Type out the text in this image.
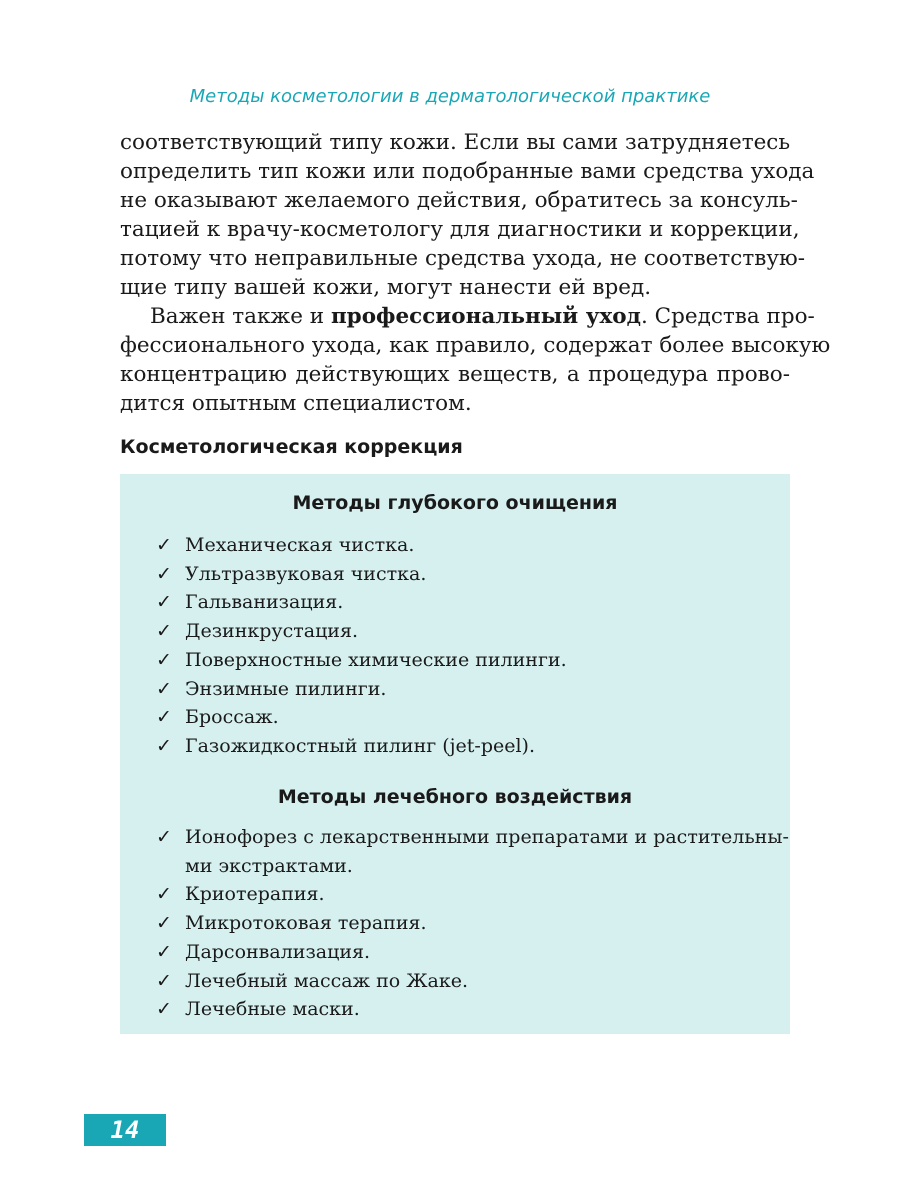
Методы косметологии в дерматологической практике
соответствующий типу кожи. Если вы сами затрудняетесь
определить тип кожи или подобранные вами средства ухода
не оказывают желаемого действия, обратитесь за консуль-
тацией к врачу-косметологу для диагностики и коррекции,
потому что неправильные средства ухода, не соответствую-
щие типу вашей кожи, могут нанести ей вред.
Важен также и профессиональный уход. Средства про-
фессионального ухода, как правило, содержат более высокую
концентрацию действующих веществ, а процедура прово-
дится опытным специалистом.
Косметологическая коррекция
Методы глубокого очищения
✓ Механическая чистка.
✓ Ультразвуковая чистка.
✓ Гальванизация.
✓ Дезинкрустация.
✓ Поверхностные химические пилинги.
✓ Энзимные пилинги.
✓ Броссаж.
✓ Газожидкостный пилинг (jet-peel).
Методы лечебного воздействия
✓ Ионофорез с лекарственными препаратами и растительны-
ми экстрактами.
✓ Криотерапия.
✓ Микротоковая терапия.
✓ Дарсонвализация.
✓ Лечебный массаж по Жаке.
✓ Лечебные маски.
14
